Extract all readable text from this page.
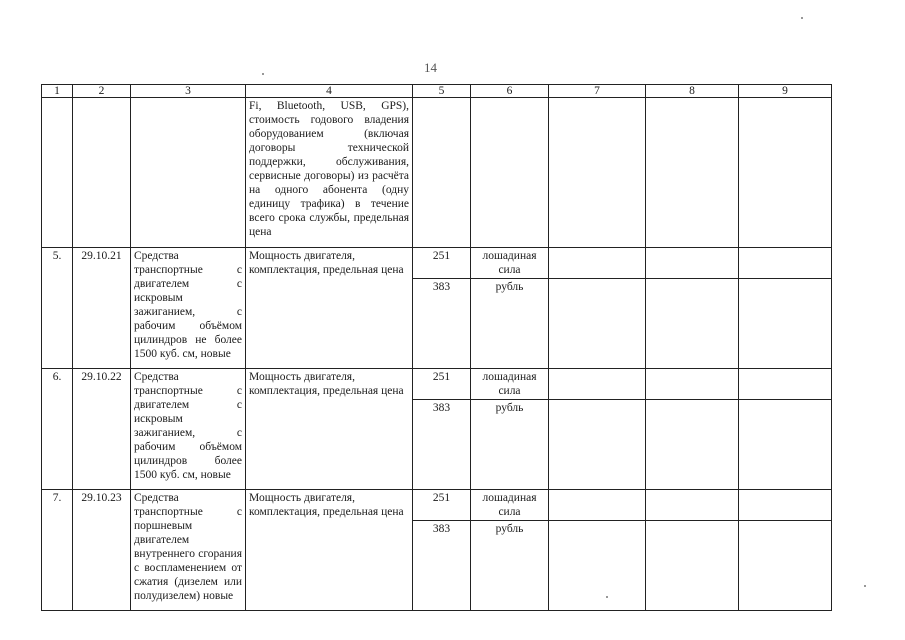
14
1	2	3	4	5	6	7	8	9
			Fi, Bluetooth, USB, GPS), стоимость годового владения оборудованием (включая договоры технической поддержки, обслуживания, сервисные договоры) из расчёта на одного абонента (одну единицу трафика) в течение всего срока службы, предельная цена					
5.	29.10.21	Средства транспортные с двигателем с искровым зажиганием, с рабочим объёмом цилиндров не более 1500 куб. см, новые	Мощность двигателя, комплектация, предельная цена	251	лошадиная сила			
				383	рубль			
6.	29.10.22	Средства транспортные с двигателем с искровым зажиганием, с рабочим объёмом цилиндров более 1500 куб. см, новые	Мощность двигателя, комплектация, предельная цена	251	лошадиная сила			
				383	рубль			
7.	29.10.23	Средства транспортные с поршневым двигателем внутреннего сгорания с воспламенением от сжатия (дизелем или полудизелем) новые	Мощность двигателя, комплектация, предельная цена	251	лошадиная сила			
				383	рубль			
